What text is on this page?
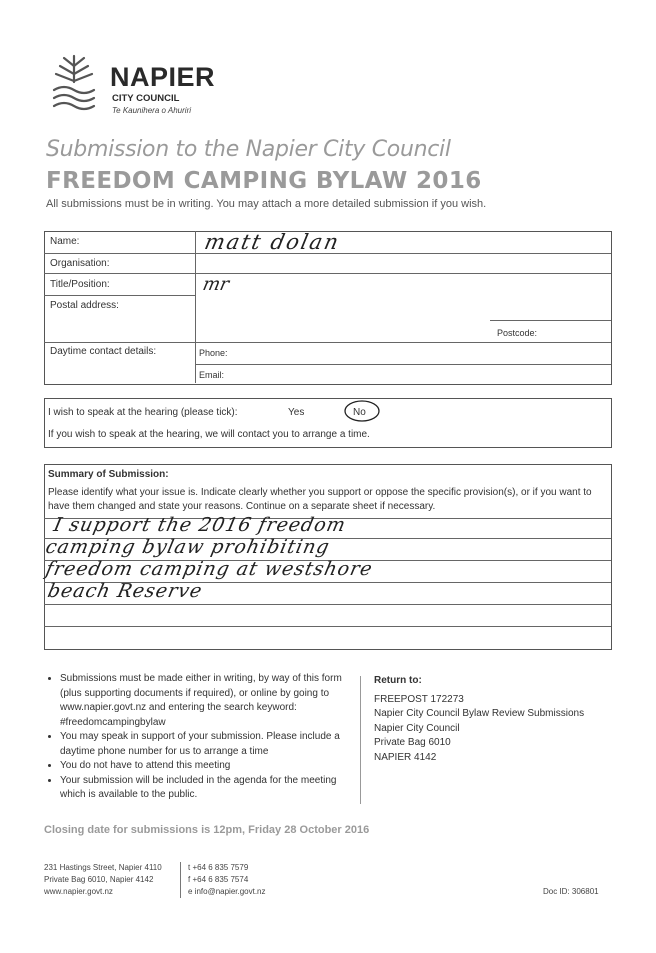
NAPIER
CITY COUNCIL
Te Kaunihera o Ahuriri
Submission to the Napier City Council
FREEDOM CAMPING BYLAW 2016
All submissions must be in writing. You may attach a more detailed submission if you wish.
Name:	matt dolan
Organisation:
Title/Position:	mr
Postal address:
Postcode:
Daytime contact details:	Phone:
Email:
I wish to speak at the hearing (please tick):	Yes	No
If you wish to speak at the hearing, we will contact you to arrange a time.
Summary of Submission:
Please identify what your issue is. Indicate clearly whether you support or oppose the specific provision(s), or if you want to have them changed and state your reasons. Continue on a separate sheet if necessary.
I support the 2016 freedom
camping bylaw prohibiting
freedom camping at westshore
beach Reserve
• Submissions must be made either in writing, by way of this form (plus supporting documents if required), or online by going to www.napier.govt.nz and entering the search keyword: #freedomcampingbylaw
• You may speak in support of your submission. Please include a daytime phone number for us to arrange a time
• You do not have to attend this meeting
• Your submission will be included in the agenda for the meeting which is available to the public.
Return to:
FREEPOST 172273
Napier City Council Bylaw Review Submissions
Napier City Council
Private Bag 6010
NAPIER 4142
Closing date for submissions is 12pm, Friday 28 October 2016
231 Hastings Street, Napier 4110
Private Bag 6010, Napier 4142
www.napier.govt.nz
t +64 6 835 7579
f +64 6 835 7574
e info@napier.govt.nz	Doc ID: 306801
